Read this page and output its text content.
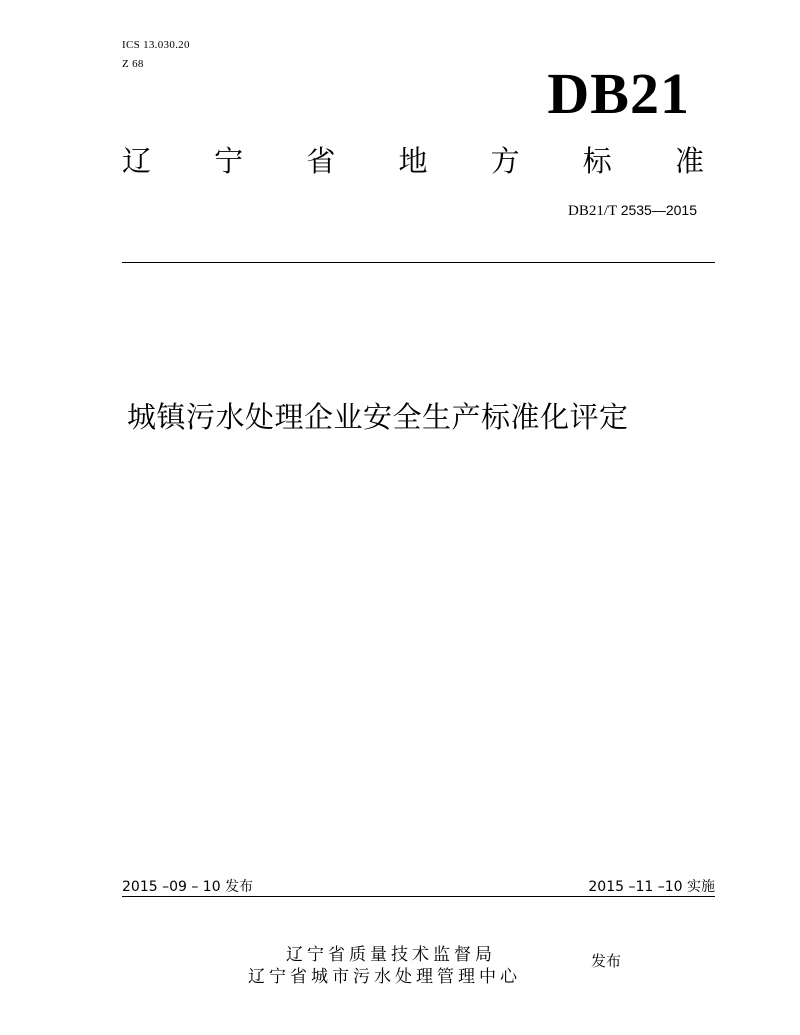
ICS 13.030.20
Z 68	DB21
辽 宁 省 地 方 标 准
DB21/T 2535—2015
城镇污水处理企业安全生产标准化评定
2015 –09 – 10 发布	2015 –11 –10 实施
辽宁省质量技术监督局
辽宁省城市污水处理管理中心
发布
